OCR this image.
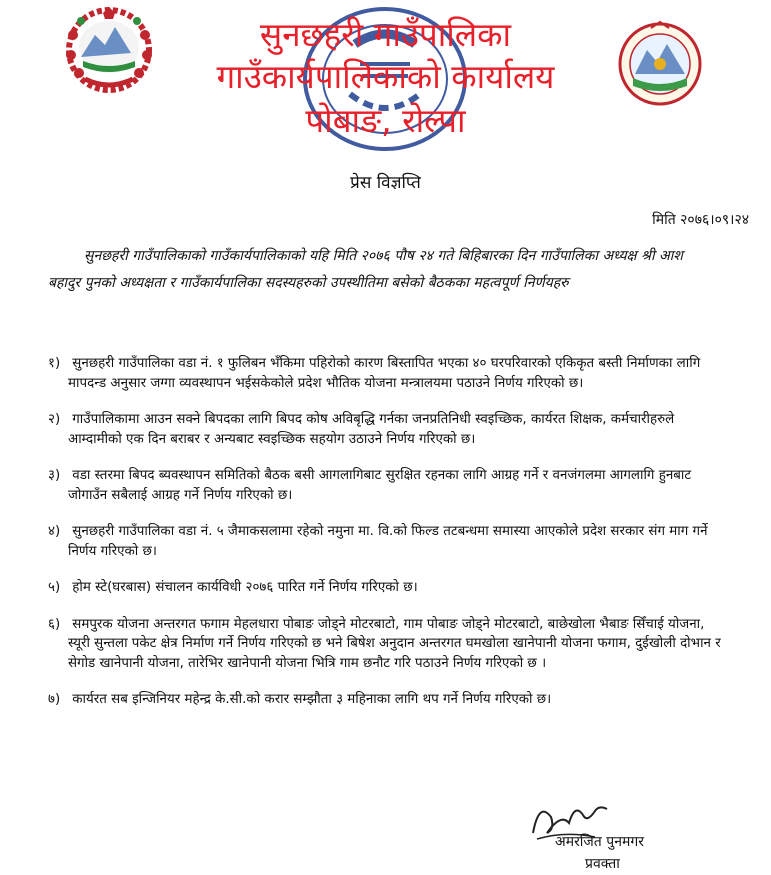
सुनछहरी गाउँपालिका
गाउँकार्यपालिकाको कार्यालय
पोबाङ, रोल्पा
प्रेस विज्ञप्ति
मिति २०७६।०९।२४
सुनछहरी गाउँपालिकाको गाउँकार्यपालिकाको यहि मिति २०७६ पौष २४ गते बिहिबारका दिन गाउँपालिका अध्यक्ष श्री आश बहादुर पुनको अध्यक्षता र गाउँकार्यपालिका सदस्यहरुको उपस्थीतिमा बसेको बैठकका महत्वपूर्ण निर्णयहरु
१) सुनछहरी गाउँपालिका वडा नं. १ फुलिबन भँकिमा पहिरोको कारण बिस्तापित भएका ४० घरपरिवारको एकिकृत बस्ती निर्माणका लागि मापदन्ड अनुसार जग्गा व्यवस्थापन भईसकेकोले प्रदेश भौतिक योजना मन्त्रालयमा पठाउने निर्णय गरिएको छ।
२) गाउँपालिकामा आउन सक्ने बिपदका लागि बिपद कोष अविबृद्धि गर्नका जनप्रतिनिधी स्वइच्छिक, कार्यरत शिक्षक, कर्मचारीहरुले आम्दामीको एक दिन बराबर र अन्यबाट स्वइच्छिक सहयोग उठाउने निर्णय गरिएको छ।
३) वडा स्तरमा बिपद ब्यवस्थापन समितिको बैठक बसी आगलागिबाट सुरक्षित रहनका लागि आग्रह गर्ने र वनजंगलमा आगलागि हुनबाट जोगाउँन सबैलाई आग्रह गर्ने निर्णय गरिएको छ।
४) सुनछहरी गाउँपालिका वडा नं. ५ जैमाकसलामा रहेको नमुना मा. वि.को फिल्ड तटबन्धमा समास्या आएकोले प्रदेश सरकार संग माग गर्ने निर्णय गरिएको छ।
५) होम स्टे(घरबास) संचालन कार्यविधी २०७६ पारित गर्ने निर्णय गरिएको छ।
६) समपुरक योजना अन्तरगत फगाम मेहलधारा पोबाङ जोड्ने मोटरबाटो, गाम पोबाङ जोड्ने मोटरबाटो, बाछेखोला भैबाङ सिँचाई योजना, स्यूरी सुन्तला पकेट क्षेत्र निर्माण गर्ने निर्णय गरिएको छ भने बिषेश अनुदान अन्तरगत घमखोला खानेपानी योजना फगाम, दुईखोली दोभान र सेगोड खानेपानी योजना, तारेभिर खानेपानी योजना भित्रि गाम छनौट गरि पठाउने निर्णय गरिएको छ ।
७) कार्यरत सब इन्जिनियर महेन्द्र के.सी.को करार सम्झौता ३ महिनाका लागि थप गर्ने निर्णय गरिएको छ।
अमरजित पुनमगर
प्रवक्ता
